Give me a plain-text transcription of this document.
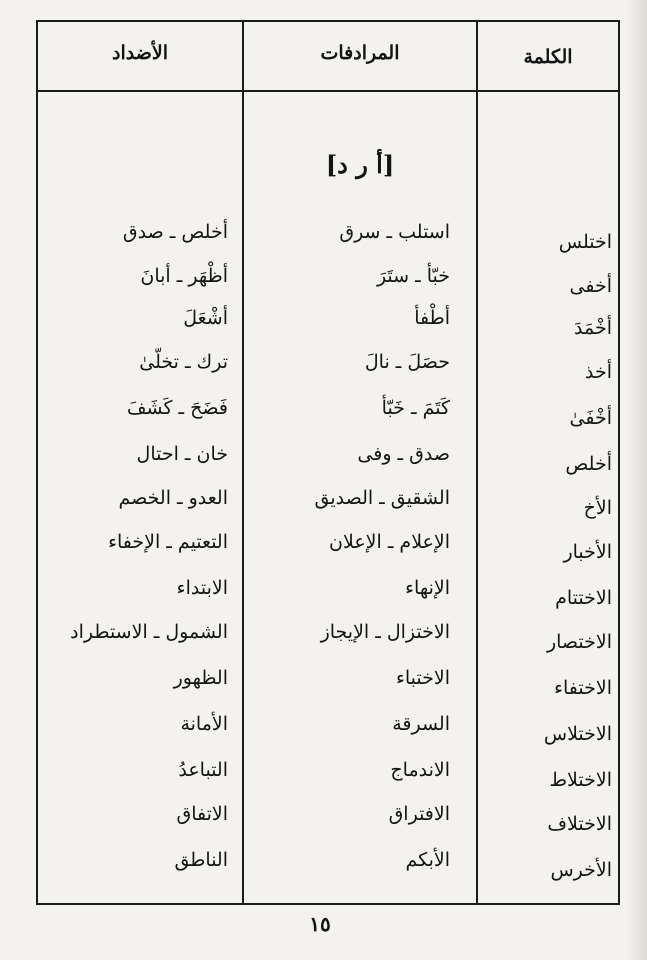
الكلمة
المرادفات
الأضداد
[أ ر د]
اختلس
استلب ـ سرق
أخلص ـ صدق
أخفى
خبّأ ـ ستَرَ
أظْهَر ـ أبانَ
أخْمَدَ
أطْفأ
أشْعَلَ
أخذ
حصَلَ ـ نالَ
ترك ـ تخلّىٰ
أخْفَىٰ
كَتَمَ ـ خَبّأ
فَضَحَ ـ كَشَفَ
أخلص
صدق ـ وفى
خان ـ احتال
الأخ
الشقيق ـ الصديق
العدو ـ الخصم
الأخبار
الإعلام ـ الإعلان
التعتيم ـ الإخفاء
الاختتام
الإنهاء
الابتداء
الاختصار
الاختزال ـ الإيجاز
الشمول ـ الاستطراد
الاختفاء
الاختباء
الظهور
الاختلاس
السرقة
الأمانة
الاختلاط
الاندماج
التباعدُ
الاختلاف
الافتراق
الاتفاق
الأخرس
الأبكم
الناطق
١٥
